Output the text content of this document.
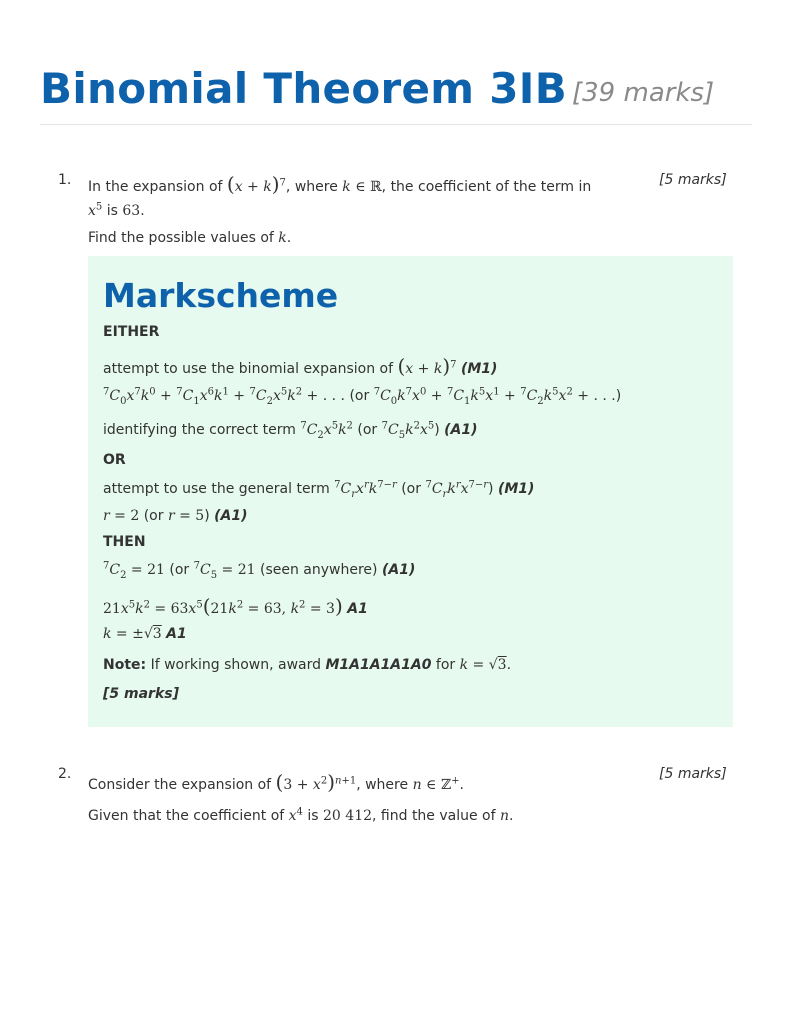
Binomial Theorem 3IB [39 marks]
1.	[5 marks]
In the expansion of $(x + k)^7$, where k ∈ ℝ, the coefficient of the term in
$x^5$ is 63.
Find the possible values of k.
Markscheme
EITHER
attempt to use the binomial expansion of $(x + k)^7$ (M1)
$^7C_0x^7k^0 + ^7C_1x^6k^1 + ^7C_2x^5k^2$ + . . . (or $^7C_0k^7x^0 + ^7C_1k^5x^1 + ^7C_2k^5x^2$ + . . .)
identifying the correct term $^7C_2x^5k^2$ (or $^7C_5k^2x^5$) (A1)
OR
attempt to use the general term $^7C_rx^rk^{7-r}$ (or $^7C_rk^rx^{7-r}$) (M1)
r = 2 (or r = 5) (A1)
THEN
$^7C_2 = 21$ (or $^7C_5 = 21$ (seen anywhere) (A1)
$21x^5k^2 = 63x^5(21k^2 = 63$, $k^2 = 3$) A1
k = ±√3 A1
Note: If working shown, award M1A1A1A1A0 for k = √3.
[5 marks]
2.	[5 marks]
Consider the expansion of $(3 + x^2)^{n+1}$, where n ∈ ℤ+.
Given that the coefficient of $x^4$ is 20 412, find the value of n.
